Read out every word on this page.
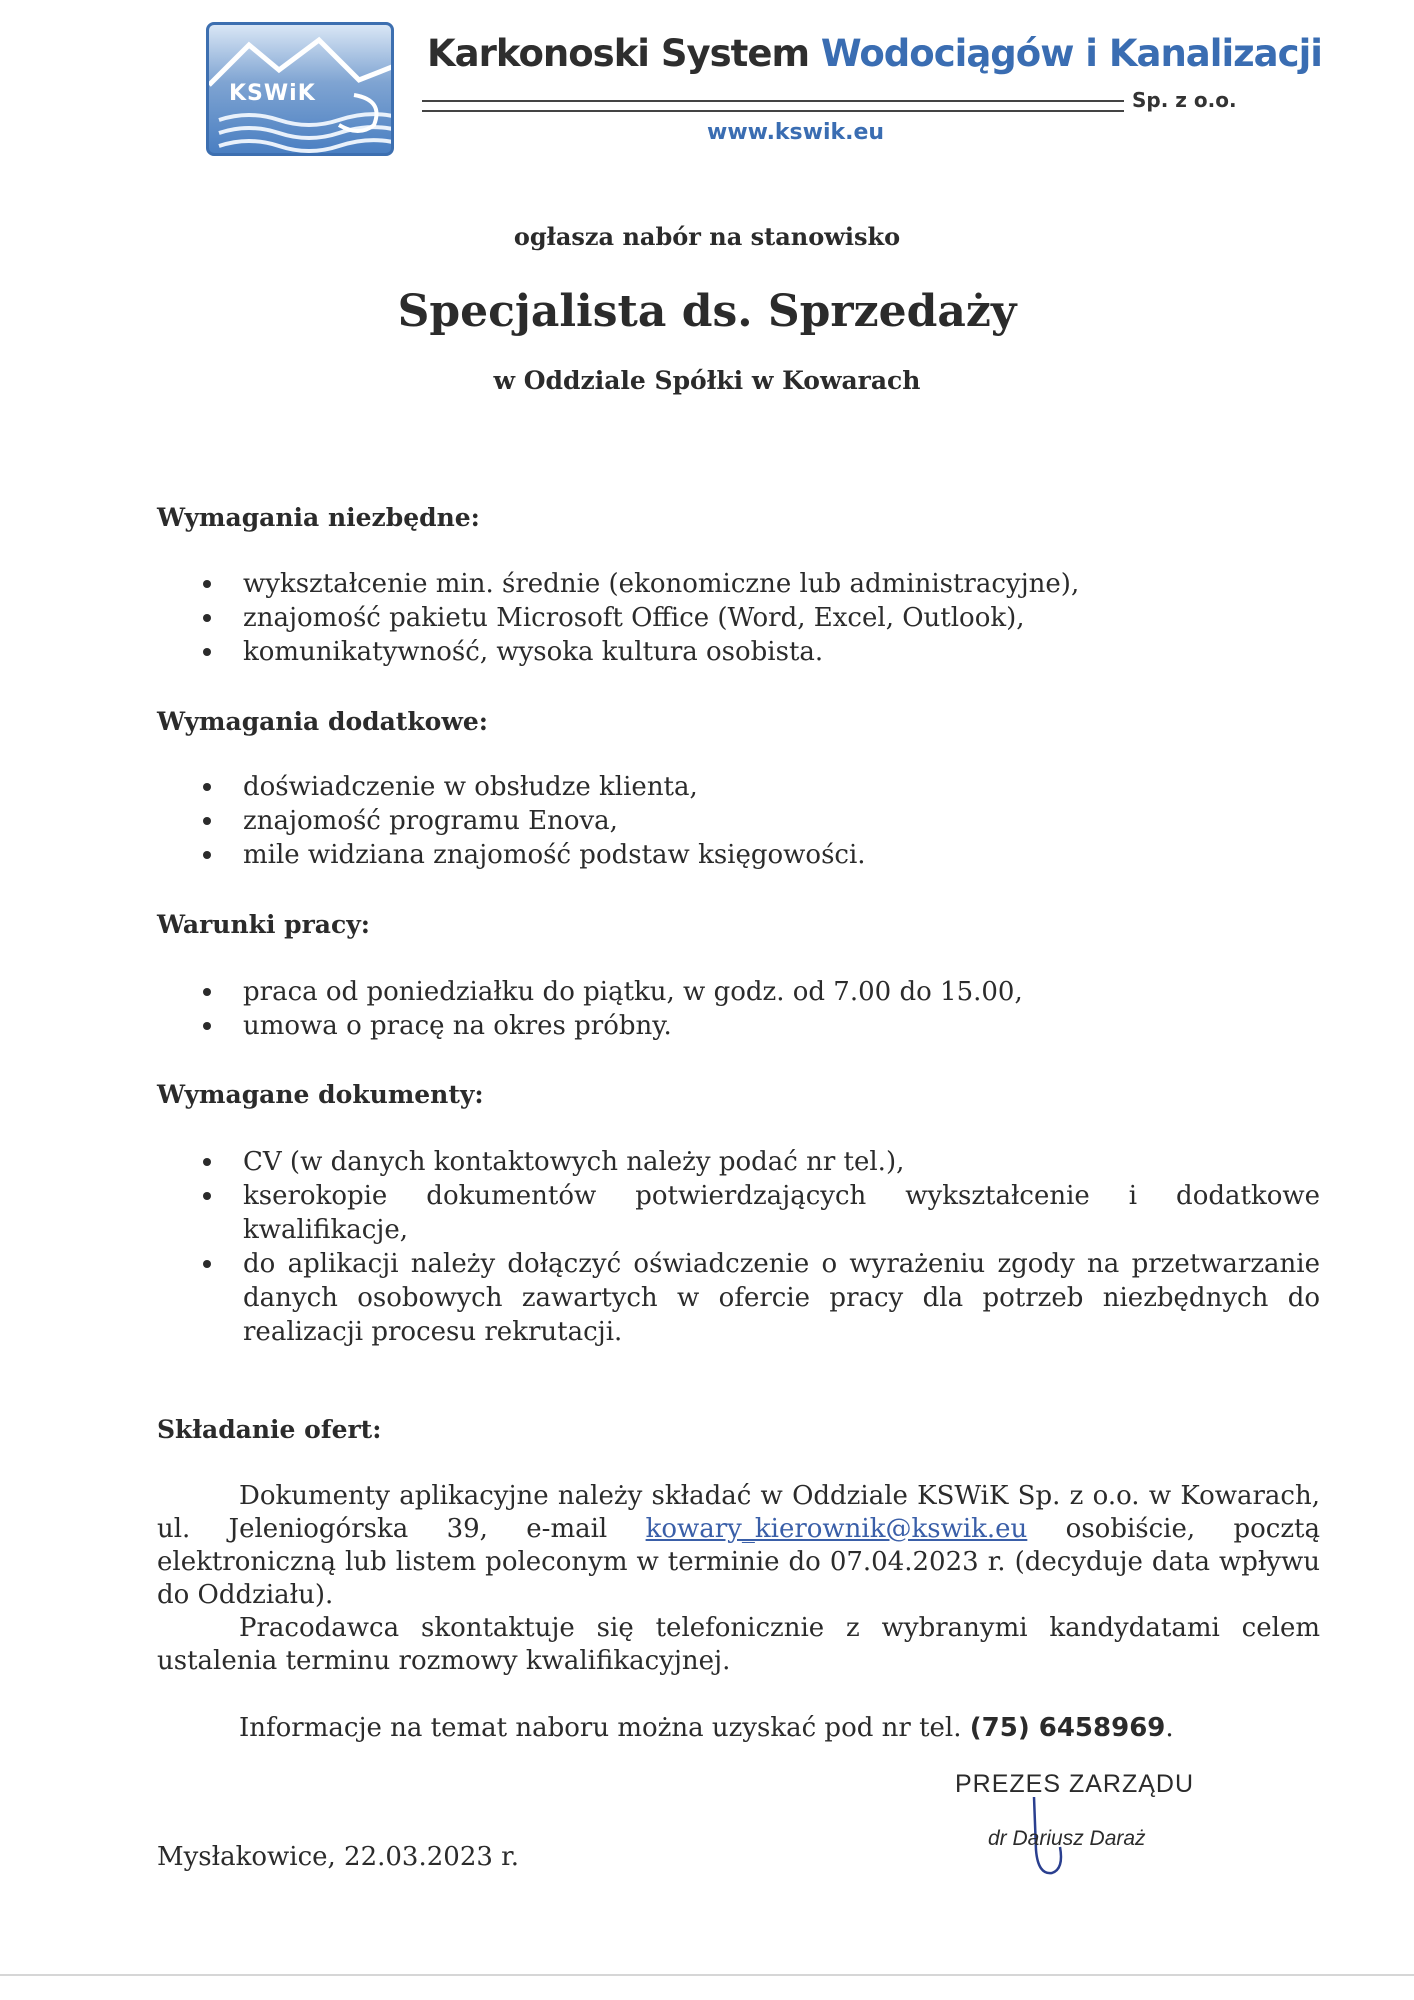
KSWiK
Karkonoski System Wodociągów i Kanalizacji
Sp. z o.o.
www.kswik.eu
ogłasza nabór na stanowisko
Specjalista ds. Sprzedaży
w Oddziale Spółki w Kowarach
Wymagania niezbędne:
wykształcenie min. średnie (ekonomiczne lub administracyjne),
znajomość pakietu Microsoft Office (Word, Excel, Outlook),
komunikatywność, wysoka kultura osobista.
Wymagania dodatkowe:
doświadczenie w obsłudze klienta,
znajomość programu Enova,
mile widziana znajomość podstaw księgowości.
Warunki pracy:
praca od poniedziałku do piątku, w godz. od 7.00 do 15.00,
umowa o pracę na okres próbny.
Wymagane dokumenty:
CV (w danych kontaktowych należy podać nr tel.),
kserokopie dokumentów potwierdzających wykształcenie i dodatkowe kwalifikacje,
do aplikacji należy dołączyć oświadczenie o wyrażeniu zgody na przetwarzanie danych osobowych zawartych w ofercie pracy dla potrzeb niezbędnych do realizacji procesu rekrutacji.
Składanie ofert:

Dokumenty aplikacyjne należy składać w Oddziale KSWiK Sp. z o.o. w Kowarach, ul. Jeleniogórska 39, e-mail kowary_kierownik@kswik.eu osobiście, pocztą elektroniczną lub listem poleconym w terminie do 07.04.2023 r. (decyduje data wpływu do Oddziału).

Pracodawca skontaktuje się telefonicznie z wybranymi kandydatami celem ustalenia terminu rozmowy kwalifikacyjnej.

Informacje na temat naboru można uzyskać pod nr tel. (75) 6458969.

PREZES ZARZĄDU
dr Dariusz Daraż
Mysłakowice, 22.03.2023 r.
